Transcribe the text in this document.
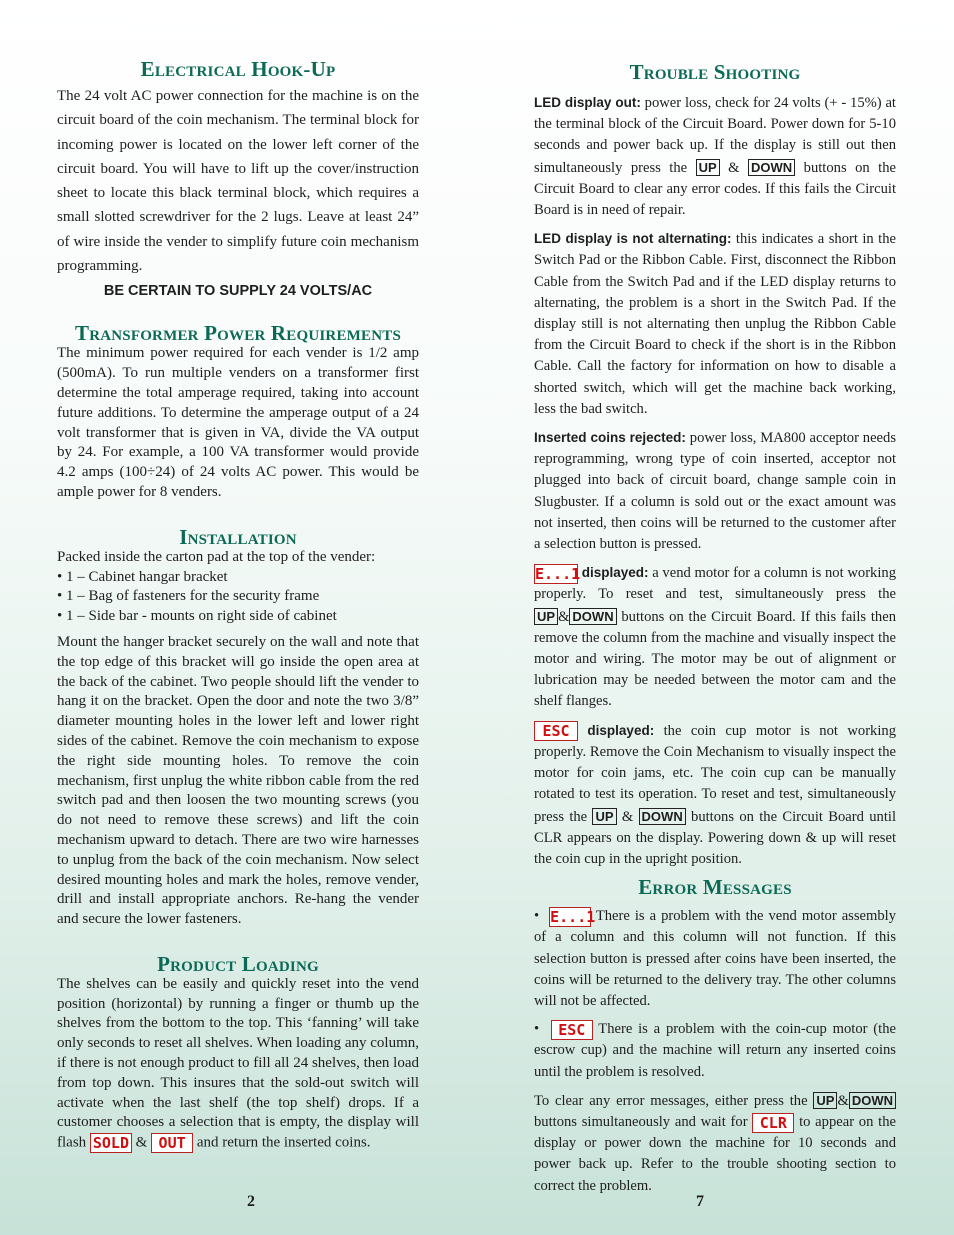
Electrical Hook-Up

The 24 volt AC power connection for the machine is on the circuit board of the coin mechanism. The terminal block for incoming power is located on the lower left corner of the circuit board. You will have to lift up the cover/instruction sheet to locate this black terminal block, which requires a small slotted screwdriver for the 2 lugs. Leave at least 24” of wire inside the vender to simplify future coin mechanism programming.

BE CERTAIN TO SUPPLY 24 VOLTS/AC
Transformer Power Requirements

The minimum power required for each vender is 1/2 amp (500mA). To run multiple venders on a transformer first determine the total amperage required, taking into account future additions. To determine the amperage output of a 24 volt transformer that is given in VA, divide the VA output by 24. For example, a 100 VA transformer would provide 4.2 amps (100÷24) of 24 volts AC power. This would be ample power for 8 venders.

Installation

Packed inside the carton pad at the top of the vender:

• 1 – Cabinet hangar bracket
• 1 – Bag of fasteners for the security frame
• 1 – Side bar - mounts on right side of cabinet

Mount the hanger bracket securely on the wall and note that the top edge of this bracket will go inside the open area at the back of the cabinet. Two people should lift the vender to hang it on the bracket. Open the door and note the two 3/8” diameter mounting holes in the lower left and lower right sides of the cabinet. Remove the coin mechanism to expose the right side mounting holes. To remove the coin mechanism, first unplug the white ribbon cable from the red switch pad and then loosen the two mounting screws (you do not need to remove these screws) and lift the coin mechanism upward to detach. There are two wire harnesses to unplug from the back of the coin mechanism. Now select desired mounting holes and mark the holes, remove vender, drill and install appropriate anchors. Re-hang the vender and secure the lower fasteners.

Product Loading

The shelves can be easily and quickly reset into the vend position (horizontal) by running a finger or thumb up the shelves from the bottom to the top. This ‘fanning’ will take only seconds to reset all shelves. When loading any column, if there is not enough product to fill all 24 shelves, then load from top down. This insures that the sold-out switch will activate when the last shelf (the top shelf) drops. If a customer chooses a selection that is empty, the display will flash SOLD & OUT and return the inserted coins.

2
Trouble Shooting

LED display out: power loss, check for 24 volts (+ - 15%) at the terminal block of the Circuit Board. Power down for 5-10 seconds and power back up. If the display is still out then simultaneously press the UP & DOWN buttons on the Circuit Board to clear any error codes. If this fails the Circuit Board is in need of repair.

LED display is not alternating: this indicates a short in the Switch Pad or the Ribbon Cable. First, disconnect the Ribbon Cable from the Switch Pad and if the LED display returns to alternating, the problem is a short in the Switch Pad. If the display still is not alternating then unplug the Ribbon Cable from the Circuit Board to check if the short is in the Ribbon Cable. Call the factory for information on how to disable a shorted switch, which will get the machine back working, less the bad switch.

Inserted coins rejected: power loss, MA800 acceptor needs reprogramming, wrong type of coin inserted, acceptor not plugged into back of circuit board, change sample coin in Slugbuster. If a column is sold out or the exact amount was not inserted, then coins will be returned to the customer after a selection button is pressed.

E...1 displayed: a vend motor for a column is not working properly. To reset and test, simultaneously press the UP & DOWN buttons on the Circuit Board. If this fails then remove the column from the machine and visually inspect the motor and wiring. The motor may be out of alignment or lubrication may be needed between the motor cam and the shelf flanges.

ESC displayed: the coin cup motor is not working properly. Remove the Coin Mechanism to visually inspect the motor for coin jams, etc. The coin cup can be manually rotated to test its operation. To reset and test, simultaneously press the UP & DOWN buttons on the Circuit Board until CLR appears on the display. Powering down & up will reset the coin cup in the upright position.

Error Messages

• E...1 There is a problem with the vend motor assembly of a column and this column will not function. If this selection button is pressed after coins have been inserted, the coins will be returned to the delivery tray. The other columns will not be affected.

• ESC There is a problem with the coin-cup motor (the escrow cup) and the machine will return any inserted coins until the problem is resolved.

To clear any error messages, either press the UP & DOWN buttons simultaneously and wait for CLR to appear on the display or power down the machine for 10 seconds and power back up. Refer to the trouble shooting section to correct the problem.

7
